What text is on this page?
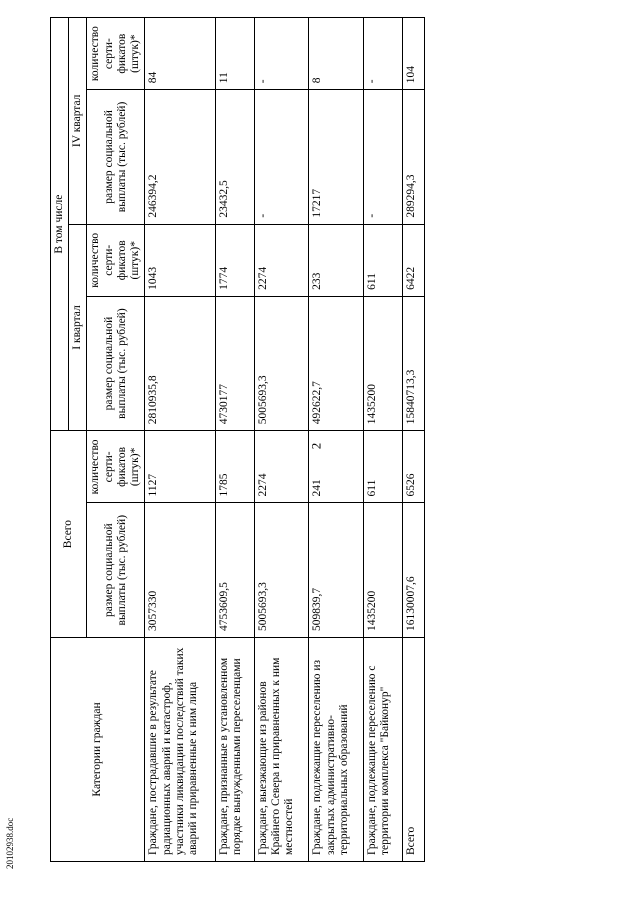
2
Категории граждан	Всего		В том числе			
			I квартал		IV квартал	
	размер социальной выплаты (тыс. рублей)	количество серти-фикатов (штук)*	размер социальной выплаты (тыс. рублей)	количество серти-фикатов (штук)*	размер социальной выплаты (тыс. рублей)	количество серти-фикатов (штук)*
Граждане, пострадавшие в результате радиационных аварий и катастроф, участники ликвидации последствий таких аварий и приравненные к ним лица	3057330	1127	2810935,8	1043	246394,2	84
Граждане, признанные в установленном порядке вынужденными переселенцами	4753609,5	1785	4730177	1774	23432,5	11
Граждане, выезжающие из районов Крайнего Севера и приравненных к ним местностей	5005693,3	2274	5005693,3	2274	-	-
Граждане, подлежащие переселению из закрытых административно-территориальных образований	509839,7	241	492622,7	233	17217	8
Граждане, подлежащие переселению с территории комплекса "Байконур"	1435200	611	1435200	611	-	-
Всего	16130007,6	6526	15840713,3	6422	289294,3	104
20102938.doc
